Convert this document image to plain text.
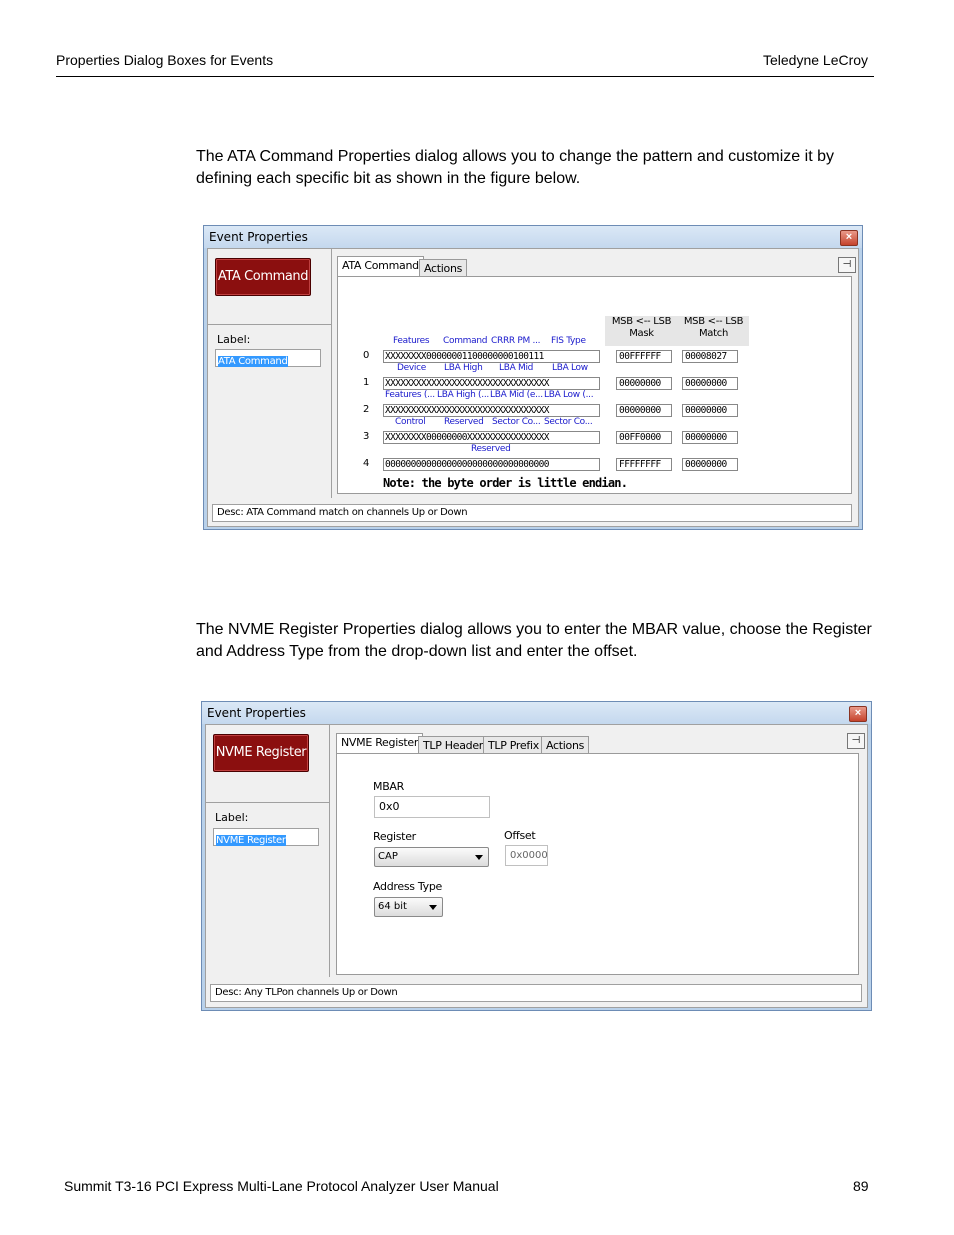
Properties Dialog Boxes for Events	Teledyne LeCroy
The ATA Command Properties dialog allows you to change the pattern and customize it by defining each specific bit as shown in the figure below.
Event Properties	×
ATA Command
Label:
ATA Command
ATA Command Actions	⊣
MSB <-- LSB
Mask
MSB <-- LSB
Match
Features Command CRRR PM ... FIS Type
Device LBA High LBA Mid LBA Low
Features (... LBA High (... LBA Mid (e... LBA Low (...
Control Reserved Sector Co... Sector Co...
Reserved
0 XXXXXXXX00000001100000000100111	00FFFFFF	00008027
1 XXXXXXXXXXXXXXXXXXXXXXXXXXXXXXXX	00000000	00000000
2 XXXXXXXXXXXXXXXXXXXXXXXXXXXXXXXX	00000000	00000000
3 XXXXXXXX00000000XXXXXXXXXXXXXXXX	00FF0000	00000000
4 00000000000000000000000000000000	FFFFFFFF	00000000
Note: the byte order is little endian.
Desc: ATA Command match on channels Up or Down
The NVME Register Properties dialog allows you to enter the MBAR value, choose the Register and Address Type from the drop-down list and enter the offset.
Event Properties	×
NVME Register
Label:
NVME Register
NVME Register TLP Header TLP Prefix Actions	⊣
MBAR
0x0
Register
CAP
Offset
0x0000
Address Type
64 bit
Desc: Any TLPon channels Up or Down
Summit T3-16 PCI Express Multi-Lane Protocol Analyzer User Manual	89
